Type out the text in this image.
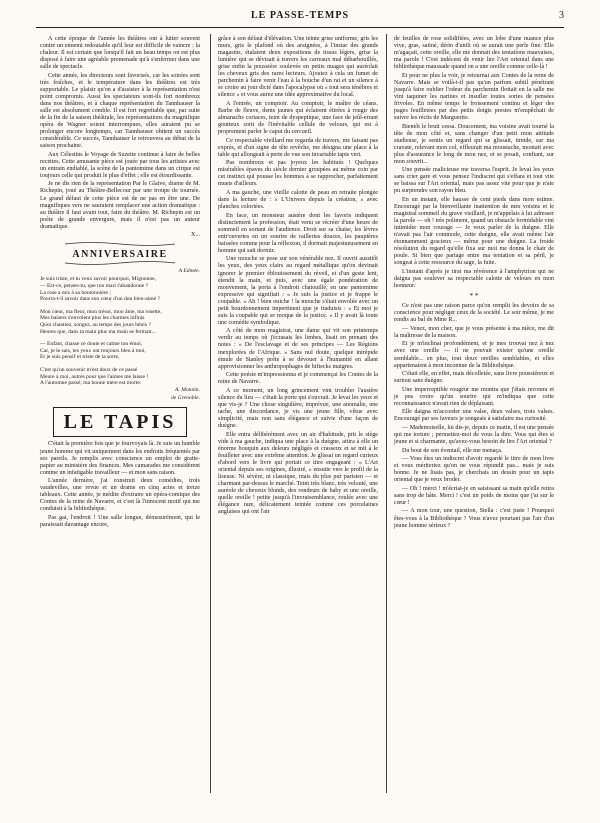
LE PASSE-TEMPS	3

A cette époque de l'année les théâtres ont à lutter souvent contre un ennemi redoutable qu'il leur est difficile de vaincre : la chaleur. Il est certain que lorsqu'il fait un beau temps on est plus disposé à faire une agréable promenade qu'à s'enfermer dans une salle de spectacle.

Cette année, les directeurs sont favorisés, car les soirées sont très fraîches, et le température dans les théâtres est très supportable. Le plaisir qu'on a d'assister à la représentation n'est point compromis. Aussi les spectateurs sont-ils fort nombreux dans nos théâtres, et à chaque représentation du Tannhauser la salle est absolument comble. Il est fort regrettable que, par suite de la fin de la saison théâtrale, les représentations du magnifique opéra de Wagner soient interrompues, elles auraient pu se prolonger encore longtemps, car Tannhauser obtient un succès considérable. Ce succès, Tannhauser le retrouvera au début de la saison prochaine.

Aux Célestins le Voyage de Suzette continue à faire de belles recettes. Cette amusante pièce est jouée par tous les artistes avec un entrain endiablé, la scène de la pantomime dans un cirque est toujours celle qui produit le plus d'effet ; elle est étourdissante.

Je ne dis rien de la représentation Par le Glaive, drame de M. Richepin, joué au Théâtre-Bellecour par une troupe de tournée. Le grand défaut de cette pièce est de ne pas en être une. De magnifiques vers ne sauraient remplacer une action dramatique : au théâtre il faut avant tout, faire du théâtre. M. Richepin est un poète de grande envergure, mais il n'est pas un auteur dramatique.

X...

ANNIVERSAIRE

A Edmée.

Je suis triste, et tu veux savoir pourquoi, Mignonne,

— Est-ce, penses-tu, que ton mari t'abandonne ?

La rose a mis à sa boutonnière ;

Pourra-t-il savoir dans son cœur d'un don bien-aimé ?

Mon cœur, ma fleur, mon trésor, mon âme, ma rosette,

Mes baisers s'envolent plus les charmes infinis

Quoi chantiez, songez, au temps des jours bénis ?

Heures que, dans ta main plus ma main se fermait...

— Enfant, chasse ce doute et calme ton émoi,

Car, je le sais, tes yeux ont toujours bleu à moi,

Et je suis pensif et triste de ta sorte,

C'est qu'un souvenir m'est doux de ce passé

Meure à moi, autres pour que l'aimes me laisse !

A l'automne passé, ma bonne mère est morte.

A. Monnin.

de Grenoble.

LE TAPIS

C'était la première fois que je fourvoyais là. Je suis un humble jeune homme qui vit uniquement dans les endroits fréquentés par ses pareils. Je remplis avec conscience un emploi de gratte-papier au ministère des finances. Mes camarades me considèrent comme un infatigable travailleur — et mon sans raison.

L'année dernière, j'ai construit deux comédies, trois vaudevilles, une revue et un drame en cinq actes et treize tableaux. Cette année, je médite d'extraire un opéra-comique des Contes de la reine de Navarre, et c'est là l'innocent motif qui me conduisit à la bibliothèque.

Pas gai, l'endroit ! Une salle longue, démesurément, qui le paraissait davantage encore,

grâce à son défaut d'élévation. Une teinte grise uniforme, gris les murs, gris le plafond où des araignées, à l'instar des grands magasins, étalaient deux expositions de tissus légers, grise la lumière qui se dévisait à travers les carreaux mal débarbouillés, grise enfin la poussière soulevée en petits nuages qui auréolait les cheveux gris des rares lecteurs. Ajoutez à cela un fumet de parchemin à faire venir l'eau à la bouche d'un rat et un silence à se croire au jour dicté dans l'apocalypse où « tout sera ténèbres et silence » et vous aurez une idée approximative du local.

A l'entrée, un comptoir. Au comptoir, le maître de céans. Barbe de fleuve, dents jaunes qui éclairent étirées à rougir des almanachs coriaces, teint de dyspeptique, une face de jeûl-errant goutteux sorti de l'inévitable cellule de velours, qui est à proprement parler le caput du cercueil.

Ce respectable vieillard me regarda de travers, me faisant pas exprès, et d'un signe de tête revêche, me désigna une place à la table qui allongeait à perte de vue son invariable tapis vert.

Pas nombreux et pas joyeux les habitués ! Quelques misérables épaves du siècle dernier groupées au même coin par cet instinct qui pousse les hommes à se rapprocher, parfaitement muets d'ailleurs.

A ma gauche, une vieille calotte de peau en retraite plongée dans la lecture de : « L'Univers depuis la création, » avec planches coloriées.

En face, un monsieur austère dont les favoris indiquent distinctement la profession, était venu se récréer d'une heure de sommeil en sortant de l'audience. Droit sur sa chaise, les lèvres entr'ouvertes en un sourire de railleries douces, les paupières baissées comme pour la réflexion, il dormait majestueusement en homme qui sait dormir.

Une mouche se pose sur son vénérable nez. Il ouvrit aussitôt les yeux, des yeux clairs au regard métallique qu'on devinait ignorer le premier éblouissement du réveil, et d'un geste lent, étendit la main, et puis, avec une égale pondération de mouvement, la porta à l'endroit chatouillé, en une pantomime expressive qui signifiait : « Je suis la justice et je frappe le coupable. » Ah ! bien ouiche ! la mouche s'était envolée avec un petit bourdonnement impertinent que je traduisis : « Et moi je suis la coupable qui se moque de la justice. » Il y avait là toute une comédie symbolique.

A côté de mon magistrat, une dame qui vit son printemps verdir au temps où j'écrasais les limbes, lisait en prenant des notes : « De l'esclavage et de ses principes — Les Régions inexplorées de l'Afrique. » Sans nul doute, quelque intrépide émule de Stanley prête à se dévouer à l'humanité en allant approvisionner les anthropophages de biftecks maigres.

Cette poésie m'impressionna et je commençai les Contes de la reine de Navarre.

A ce moment, un long grincement vint troubler l'austère silence du lieu — c'était la porte qui s'ouvrait. Je levai les yeux et que vis-je ? Une chose singulière, imprévue, une anomalie, une tache, une discordance, je vis une jeune fille, vêtue avec simplicité, mais non sans élégance et suivie d'une façon de duègne.

Elle entra délibérément avec un air d'habitude, prit le siège vide à ma gauche, indiqua une place à la duègne, attira à elle un énorme bouquin aux deleurs négligés et crasseux et se mit à le feuilleter avec une extrême attention. Je glissai un regard curieux d'abord vers le livre qui portait ce titre engageant : « L'Art oriental depuis ses origines, illustré, » ensuite vers le profil de la liseuse. Ni sévère, ni classique, mais du plus pur parisien — et charmant par-dessus le marché. Teint très blanc, très velouté, une auréole de cheveux blonds, des rondeurs de baby et une oreille, quelle oreille ! petite jusqu'à l'invraisemblance, roulée avec une élégance rare, délicatement teintée comme ces porcelaines anglaises qui ont l'air

de feuilles de rose solidifiées, avec un lobe d'une nuance plus vive, gras, satiné, dérin d'unili où se aurait une perle fine. Elle m'agaçait, cette oreille, elle me donnait des tentations mauvaises, ma parole ! C'est indécent de venir lire l'Art oriental dans une bibliothèque maussade quand on a une oreille comme celle-là !

Et pour ne plus la voir, je retournai aux Contes de la reine de Navarre. Mais se voilà-t-il pas qu'un parfum subtil pénétrant jusqu'à faire oublier l'odeur du parchemin flottait en la salle me vint taquiner les narines et insufler toutes sortes de pensées frivoles. En même temps le froissement continu et léger des pages feuilletées par des petits doigts prestes m'empêchait de suivre les récits de Marguerite.

Bientôt le bruit cessa. Doucement, ma voisine avait tourné la tête de mon côté et, sans changer d'un petit mon attitude studieuse, je sentis un regard qui se glissait, timide, sur ma cravate, relevant mon col, effleurait ma moustache, montait avec plus d'assurance le long de mon nez, et se posait, confiant, sur mon souvrit...

Une pensée malicieuse me traversa l'esprit. Je levai les yeux sans crier gare et vous pensez l'indiscret qui s'effara et tout vite se baissa sur l'Art oriental, mais pas assez vite pour que je n'aie pu surprendre son rayon bleu.

En un instant, elle hausse de cent pieds dans mon estime. Encouragé par la bienveillante inattention de mes voisins et le magistral sommeil du grave vieillard, je m'appelais à lui adresser la parole — oh ! très poliment, quand un obstacle formidable vint intimider mon courage — Je veux parler de la duègne. Elle n'avait pas l'air commode, cette duègne, elle avait même l'air étonnamment gracieux — même pour une duègne. La froide résolution du regard qu'elle fixa sur moi me donna le chair de poule. Si bien que partage entre ma tentation et sa péril, je songeai à cette ressource du sage, la fuite.

L'instant d'après je tirai ma révérence à l'amphytrion qui ne daigna pas soulever sa respectable calotte de velours en mon honneur.

* *

Ce n'est pas une raison parce qu'on remplit les devoirs de sa conscience pour négliger ceux de la société. Le soir même, je me rendis au bal de Mme R...

— Venez, mon cher, que je vous présente à ma nièce, me dit la maîtresse de la maison.

Et je m'inclinai profondément, et je mes trouvai nez à nez avec une oreille — il ne pouvait exister qu'une oreille semblable... en plus, tout doux oreilles semblables, et elles appartenaient à mon inconnue de la Bibliothèque.

C'était elle, en effet, mais décolletée, sans livre poussiéreux et surtout sans duègne.

Une imperceptible rougeur me montra que j'étais reconnu et je pus croire qu'un sourire qui m'indiqua que cette reconnaissance n'avait rien de déplaisant.

Elle daigna m'accorder une valse, deux valses, trois valses. Encouragé par ses faveurs je songeais à satisfaire ma curiosité.

— Mademoiselle, lui dis-je, depuis ce matin, il est une pensée qui me torture ; permettez-moi de vous la dire. Vous qui êtes si jeune et si charmante, qu'avez-vous besoin de lire l'Art oriental ?

Du bout de son éventail, elle me menaça.

— Vous êtes un indiscret d'avoir regardé le titre de mon livre et vous mériteriez qu'on ne vous répondit pas... mais je suis bonne. Je ne lisais pas, je cherchais un dessin pour un tapis oriental que je veux broder.

— Oh ! merci ! m'écriai-je en saisissant sa main qu'elle retira sans trop de hâte. Merci ! c'est un poids de moins que j'ai sur le cœur !

— A mon tour, une question, Stella : c'est juste ! Pourquoi êtes-vous à la Bibliothèque ? Vous n'avez pourtant pas l'air d'un jeune homme sérieux ?
